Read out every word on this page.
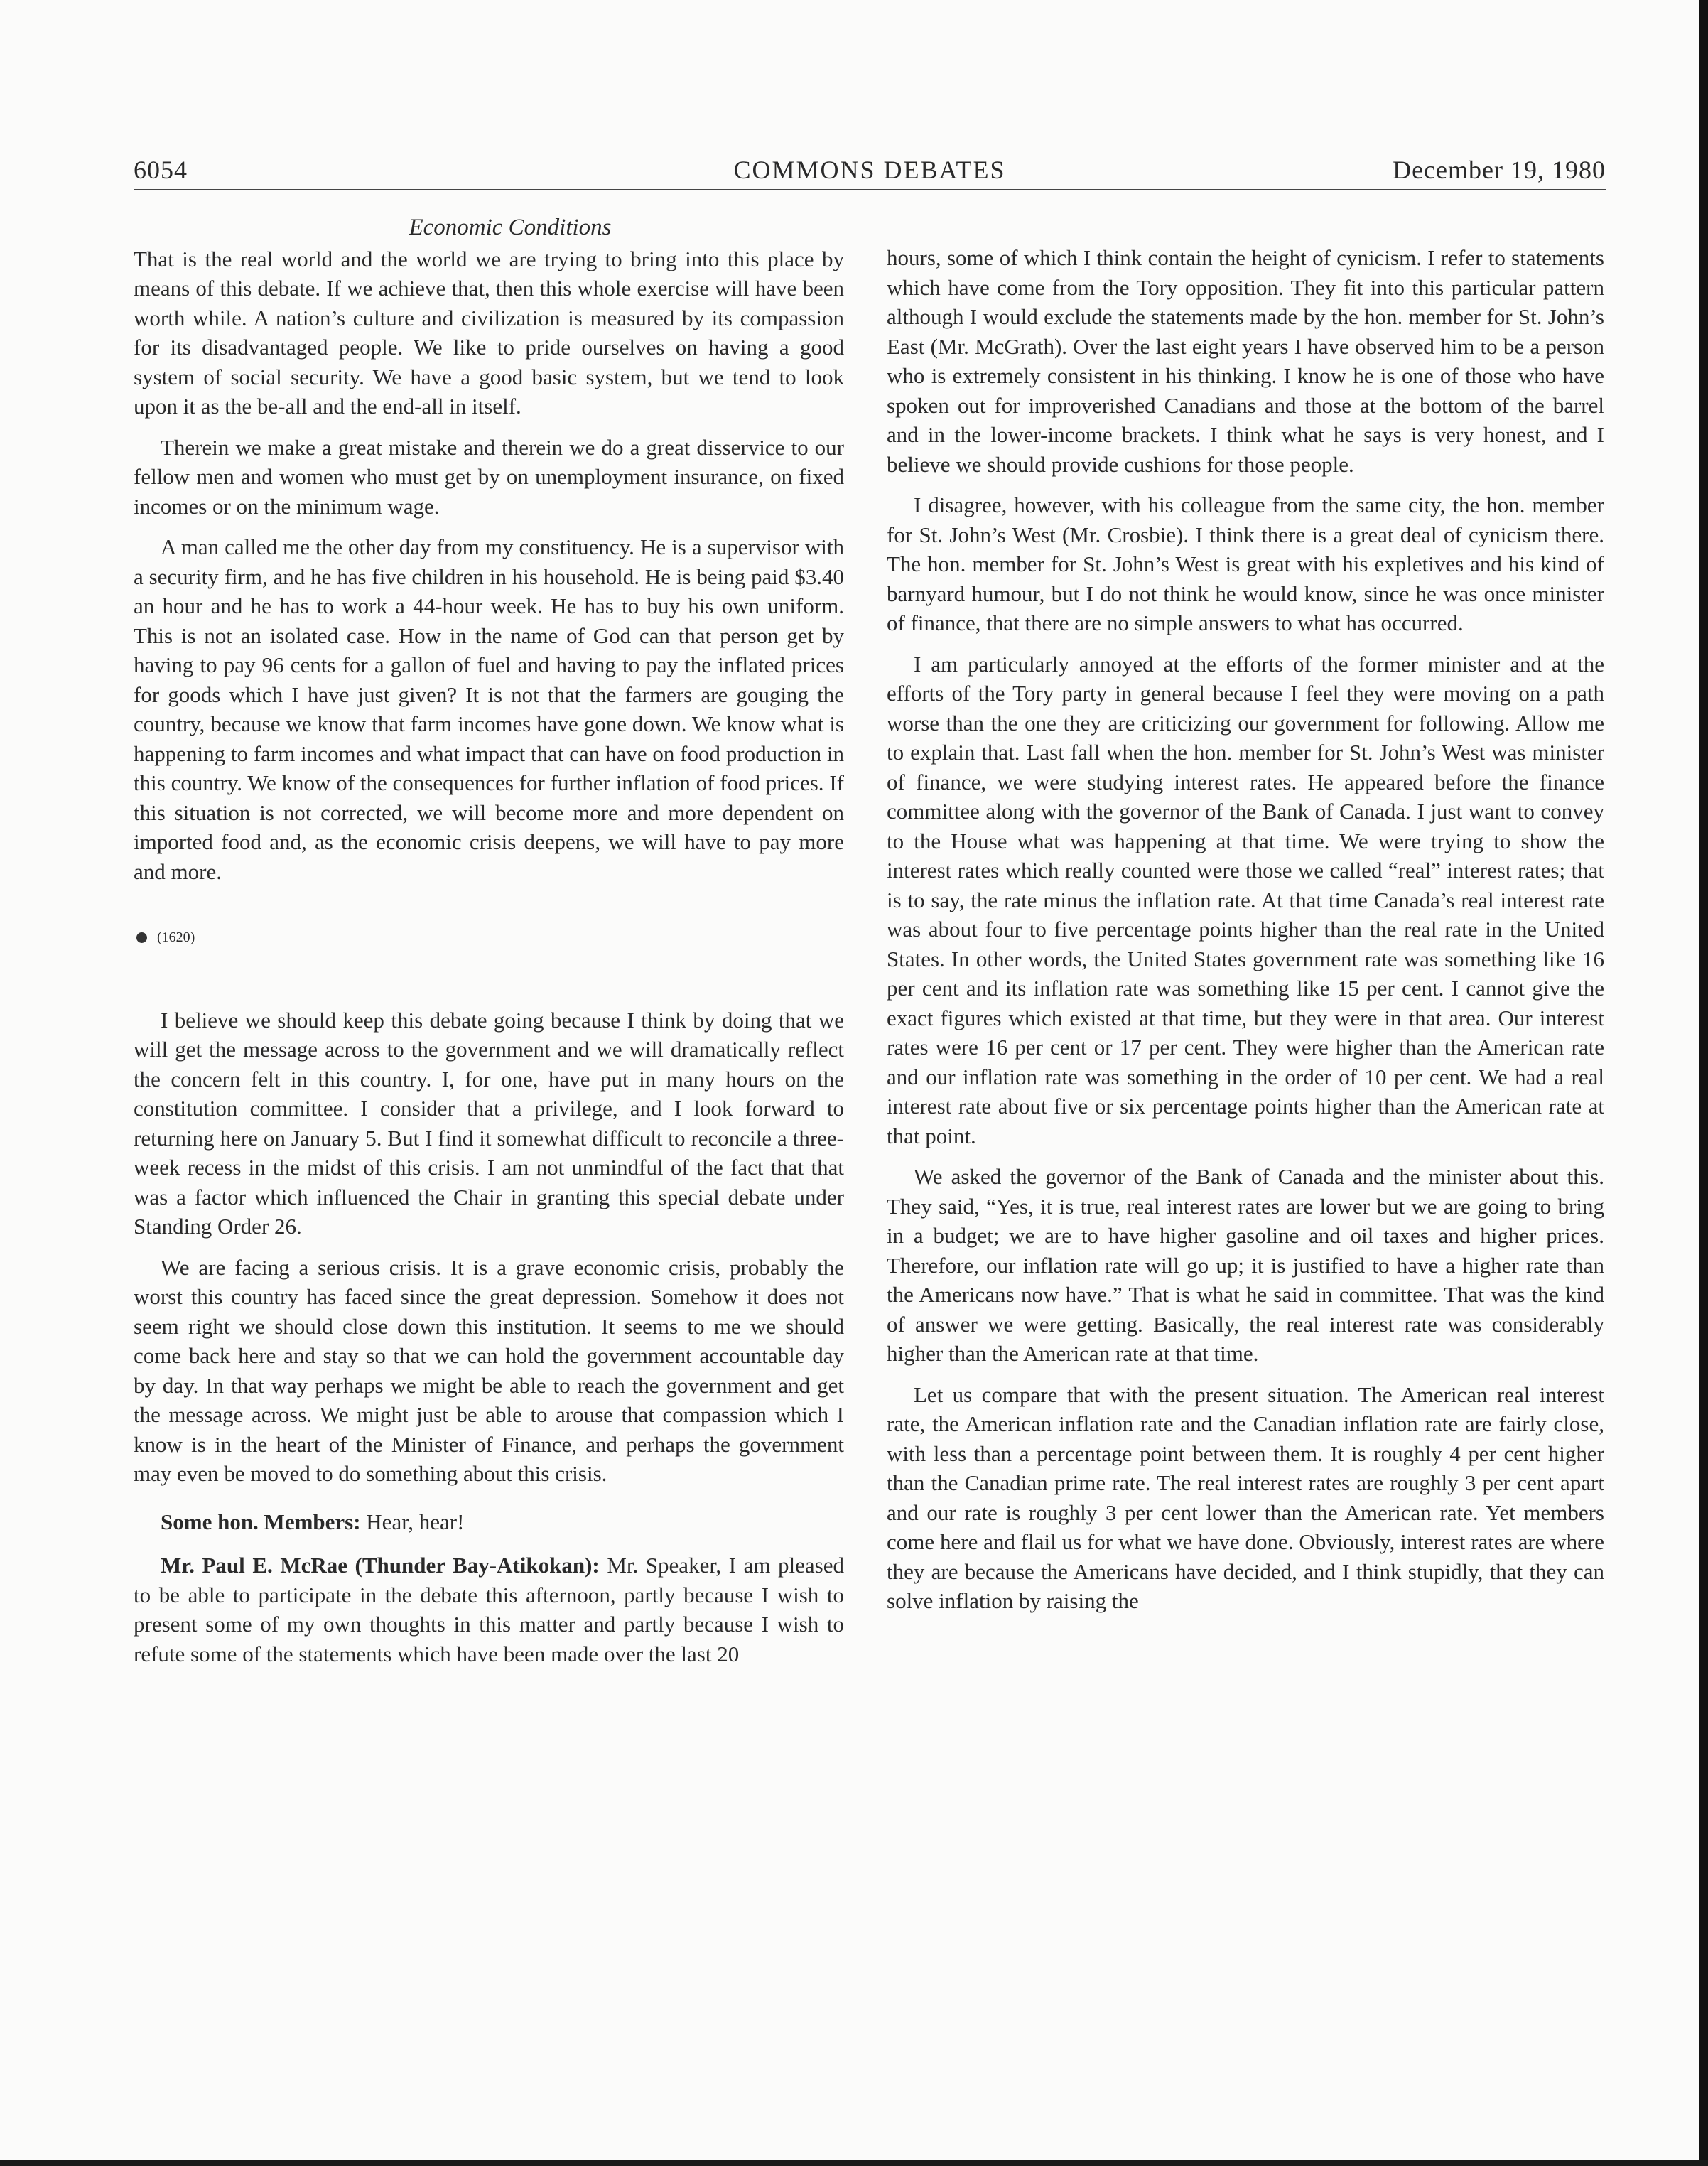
6054	COMMONS DEBATES	December 19, 1980
Economic Conditions

That is the real world and the world we are trying to bring into this place by means of this debate. If we achieve that, then this whole exercise will have been worth while. A nation’s culture and civilization is measured by its compassion for its disadvantaged people. We like to pride ourselves on having a good system of social security. We have a good basic system, but we tend to look upon it as the be-all and the end-all in itself.

Therein we make a great mistake and therein we do a great disservice to our fellow men and women who must get by on unemployment insurance, on fixed incomes or on the minimum wage.

A man called me the other day from my constituency. He is a supervisor with a security firm, and he has five children in his household. He is being paid $3.40 an hour and he has to work a 44-hour week. He has to buy his own uniform. This is not an isolated case. How in the name of God can that person get by having to pay 96 cents for a gallon of fuel and having to pay the inflated prices for goods which I have just given? It is not that the farmers are gouging the country, because we know that farm incomes have gone down. We know what is happening to farm incomes and what impact that can have on food production in this country. We know of the consequences for further inflation of food prices. If this situation is not corrected, we will become more and more dependent on imported food and, as the economic crisis deepens, we will have to pay more and more.

(1620)

I believe we should keep this debate going because I think by doing that we will get the message across to the government and we will dramatically reflect the concern felt in this country. I, for one, have put in many hours on the constitution committee. I consider that a privilege, and I look forward to returning here on January 5. But I find it somewhat difficult to reconcile a three-week recess in the midst of this crisis. I am not unmindful of the fact that that was a factor which influenced the Chair in granting this special debate under Standing Order 26.

We are facing a serious crisis. It is a grave economic crisis, probably the worst this country has faced since the great depression. Somehow it does not seem right we should close down this institution. It seems to me we should come back here and stay so that we can hold the government accountable day by day. In that way perhaps we might be able to reach the government and get the message across. We might just be able to arouse that compassion which I know is in the heart of the Minister of Finance, and perhaps the government may even be moved to do something about this crisis.

Some hon. Members: Hear, hear!

Mr. Paul E. McRae (Thunder Bay-Atikokan): Mr. Speaker, I am pleased to be able to participate in the debate this afternoon, partly because I wish to present some of my own thoughts in this matter and partly because I wish to refute some of the statements which have been made over the last 20

hours, some of which I think contain the height of cynicism. I refer to statements which have come from the Tory opposition. They fit into this particular pattern although I would exclude the statements made by the hon. member for St. John’s East (Mr. McGrath). Over the last eight years I have observed him to be a person who is extremely consistent in his thinking. I know he is one of those who have spoken out for improverished Canadians and those at the bottom of the barrel and in the lower-income brackets. I think what he says is very honest, and I believe we should provide cushions for those people.

I disagree, however, with his colleague from the same city, the hon. member for St. John’s West (Mr. Crosbie). I think there is a great deal of cynicism there. The hon. member for St. John’s West is great with his expletives and his kind of barnyard humour, but I do not think he would know, since he was once minister of finance, that there are no simple answers to what has occurred.

I am particularly annoyed at the efforts of the former minister and at the efforts of the Tory party in general because I feel they were moving on a path worse than the one they are criticizing our government for following. Allow me to explain that. Last fall when the hon. member for St. John’s West was minister of finance, we were studying interest rates. He appeared before the finance committee along with the governor of the Bank of Canada. I just want to convey to the House what was happening at that time. We were trying to show the interest rates which really counted were those we called “real” interest rates; that is to say, the rate minus the inflation rate. At that time Canada’s real interest rate was about four to five percentage points higher than the real rate in the United States. In other words, the United States government rate was something like 16 per cent and its inflation rate was something like 15 per cent. I cannot give the exact figures which existed at that time, but they were in that area. Our interest rates were 16 per cent or 17 per cent. They were higher than the American rate and our inflation rate was something in the order of 10 per cent. We had a real interest rate about five or six percentage points higher than the American rate at that point.

We asked the governor of the Bank of Canada and the minister about this. They said, “Yes, it is true, real interest rates are lower but we are going to bring in a budget; we are to have higher gasoline and oil taxes and higher prices. Therefore, our inflation rate will go up; it is justified to have a higher rate than the Americans now have.” That is what he said in committee. That was the kind of answer we were getting. Basically, the real interest rate was considerably higher than the American rate at that time.

Let us compare that with the present situation. The American real interest rate, the American inflation rate and the Canadian inflation rate are fairly close, with less than a percentage point between them. It is roughly 4 per cent higher than the Canadian prime rate. The real interest rates are roughly 3 per cent apart and our rate is roughly 3 per cent lower than the American rate. Yet members come here and flail us for what we have done. Obviously, interest rates are where they are because the Americans have decided, and I think stupidly, that they can solve inflation by raising the
